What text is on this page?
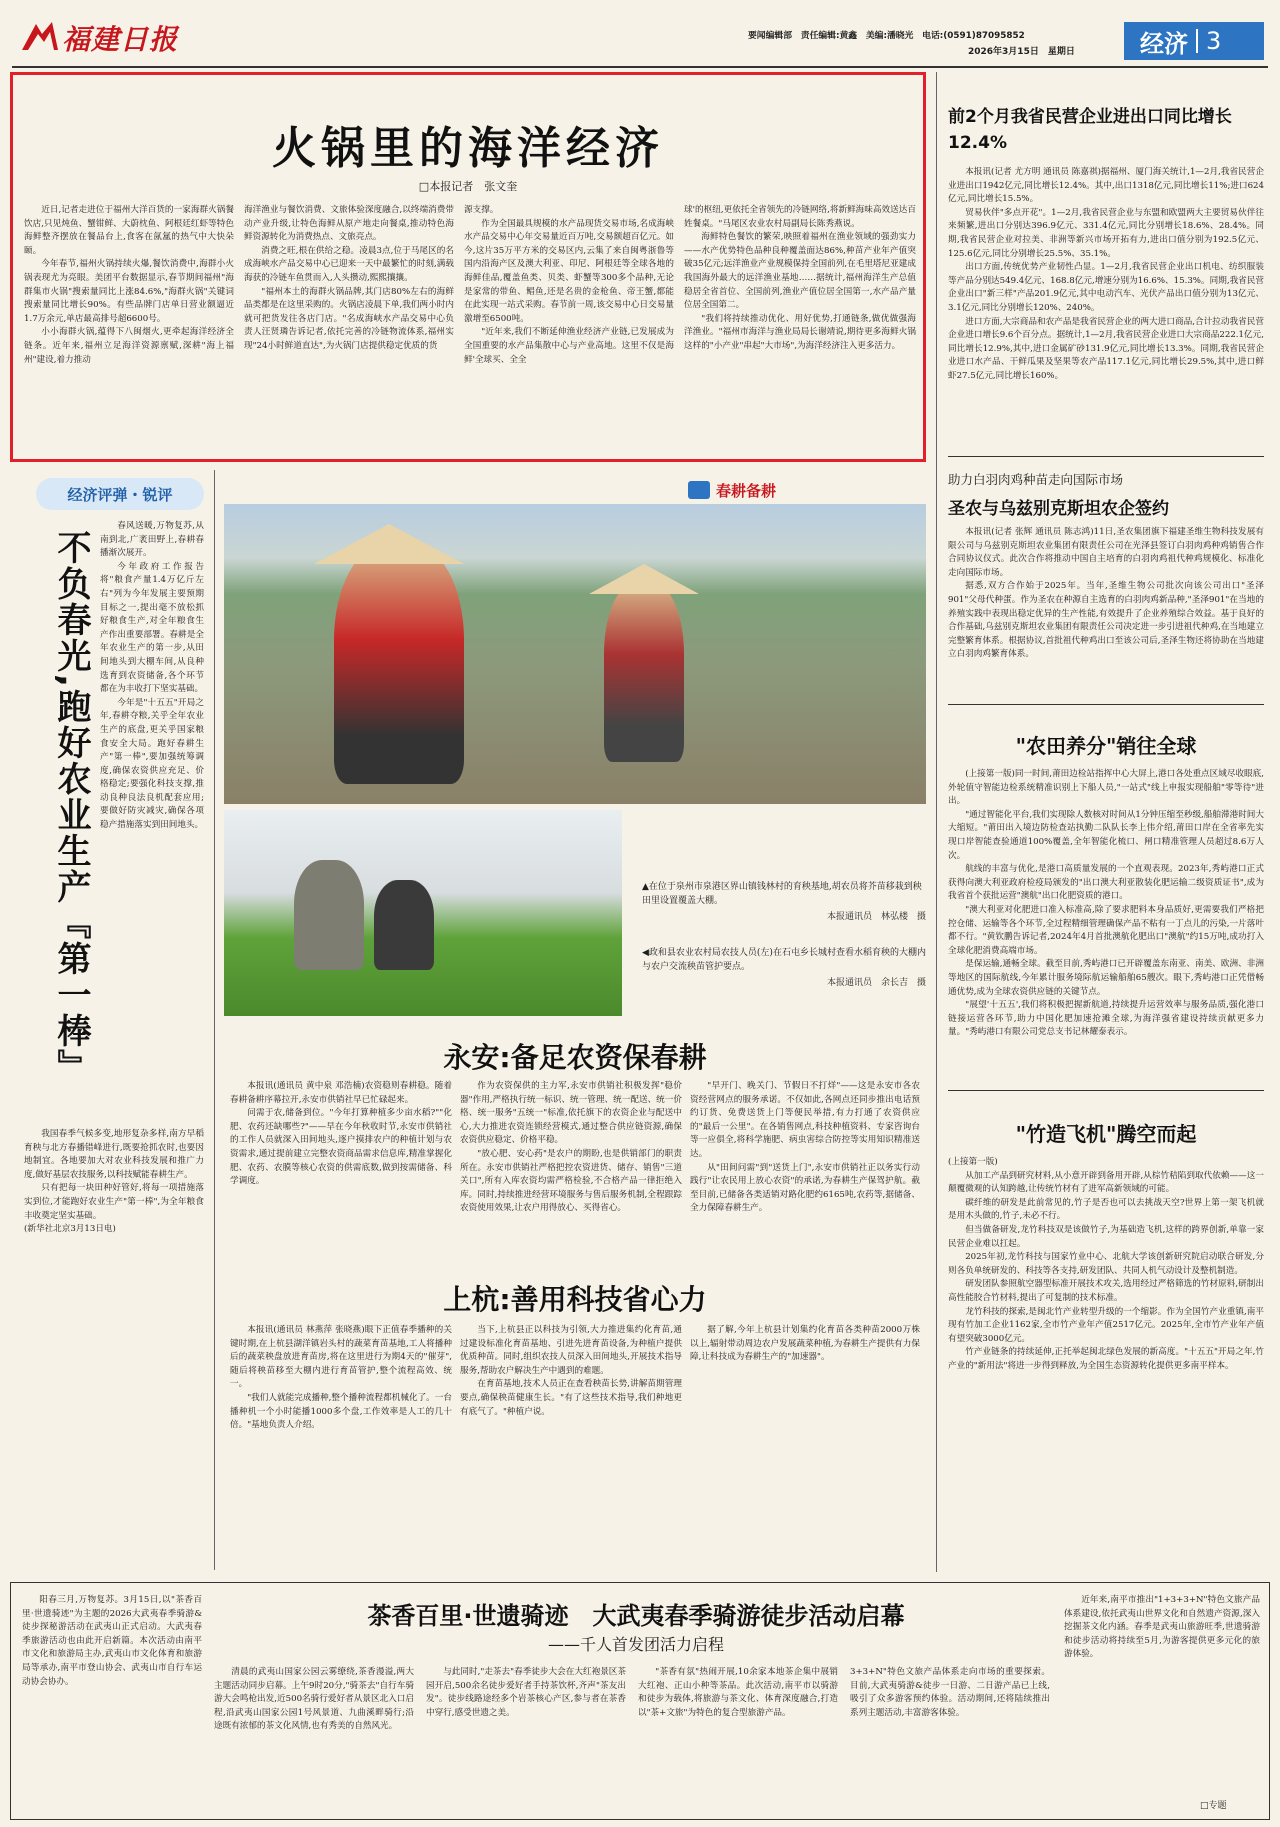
福建日报	要闻编辑部　责任编辑:黄鑫　美编:潘晓光　电话:(0591)87095852
2026年3月15日　星期日	经济 3
火锅里的海洋经济
□本报记者　张文奎

近日,记者走进位于福州大洋百货的一家海群火锅餐饮店,只见炖鱼、蟹钳鲜、大蔚枕鱼、阿根廷红虾等特色海鲜整齐摆放在餐品台上,食客在氤氲的热气中大快朵颐。

今年春节,福州火锅持续火爆,餐饮消费中,海群小火锅表现尤为亮眼。美团平台数据显示,春节期间福州"海群集市火锅"搜索量同比上涨84.6%,"海群火锅"关键词搜索量同比增长90%。有些品牌门店单日营业额逼近1.7万余元,单店最高排号超6600号。

小小海群火锅,蕴得下八闽烟火,更牵起海洋经济全链条。近年来,福州立足海洋资源禀赋,深耕"海上福州"建设,着力推动

海洋渔业与餐饮消费、文旅体验深度融合,以终端消费带动产业升级,让特色海鲜从原产地走向餐桌,推动特色海鲜资源转化为消费热点、文旅亮点。

消费之旺,根在供给之稳。凌晨3点,位于马尾区的名成海峡水产品交易中心已迎来一天中最繁忙的时刻,满载海获的冷链车鱼贯而入,人头攒动,熙熙攘攘。

"福州本土的海群火锅品牌,其门店80%左右的海鲜品类都是在这里采购的。火锅店凌晨下单,我们两小时内就可把货发往各店门店。"名成海峡水产品交易中心负责人汪贤璘告诉记者,依托完善的冷链物流体系,福州实现"24小时鲜道直达",为火锅门店提供稳定优质的货

源支撑。

作为全国最具规模的水产品现货交易市场,名成海峡水产品交易中心年交易量近百万吨,交易额超百亿元。如今,这片35万平方米的交易区内,云集了来自闽粤浙鲁等国内沿海产区及澳大利亚、印尼、阿根廷等全球各地的海鲜佳品,覆盖鱼类、贝类、虾蟹等300多个品种,无论是家常的带鱼、鲳鱼,还是名贵的金枪鱼、帝王蟹,都能在此实现一站式采购。春节前一周,该交易中心日交易量激增至6500吨。

"近年来,我们不断延伸渔业经济产业链,已发展成为全国重要的水产品集散中心与产业高地。这里不仅是海鲜'全球买、全全

球'的枢纽,更依托全省领先的冷链网络,将新鲜海味高效送达百姓餐桌。"马尾区农业农村局副局长陈秀燕说。

海鲜特色餐饮的繁荣,映照着福州在渔业领域的强劲实力——水产优势特色品种良种覆盖面达86%,种苗产业年产值突破35亿元;远洋渔业产业规模保持全国前列,在毛里塔尼亚建成我国海外最大的远洋渔业基地……据统计,福州海洋生产总值稳居全省首位、全国前列,渔业产值位居全国第一,水产品产量位居全国第二。

"我们将持续推动优化、用好优势,打通链条,做优做强海洋渔业。"福州市海洋与渔业局局长谢靖说,期待更多海鲜火锅这样的"小产业"串起"大市场",为海洋经济注入更多活力。

前2个月我省民营企业进出口同比增长12.4%

本报讯(记者 尤方明 通讯员 陈嘉祺)据福州、厦门海关统计,1—2月,我省民营企业进出口1942亿元,同比增长12.4%。其中,出口1318亿元,同比增长11%;进口624亿元,同比增长15.5%。

贸易伙伴"多点开花"。1—2月,我省民营企业与东盟和欧盟两大主要贸易伙伴往来频繁,进出口分别达396.9亿元、331.4亿元,同比分别增长18.6%、28.4%。同期,我省民营企业对拉美、非洲等新兴市场开拓有力,进出口值分别为192.5亿元、125.6亿元,同比分别增长25.5%、35.1%。

出口方面,传统优势产业韧性凸显。1—2月,我省民营企业出口机电、纺织服装等产品分别达549.4亿元、168.8亿元,增速分别为16.6%、15.3%。同期,我省民营企业出口"新三样"产品201.9亿元,其中电动汽车、光伏产品出口值分别为13亿元、3.1亿元,同比分别增长120%、240%。

进口方面,大宗商品和农产品是我省民营企业的两大进口商品,合计拉动我省民营企业进口增长9.6个百分点。据统计,1—2月,我省民营企业进口大宗商品222.1亿元,同比增长12.9%,其中,进口金属矿砂131.9亿元,同比增长13.3%。同期,我省民营企业进口水产品、干鲜瓜果及坚果等农产品117.1亿元,同比增长29.5%,其中,进口鲜虾27.5亿元,同比增长160%。

助力白羽肉鸡种苗走向国际市场
圣农与乌兹别克斯坦农企签约

本报讯(记者 张辉 通讯员 陈志鸿)11日,圣农集团旗下福建圣维生物科技发展有限公司与乌兹别克斯坦农业集团有限责任公司在光泽县签订白羽肉鸡种鸡销售合作合同协议仪式。此次合作将推动中国自主培育的白羽肉鸡祖代种鸡规模化、标准化走向国际市场。

据悉,双方合作始于2025年。当年,圣维生物公司批次向该公司出口"圣泽901"父母代种蛋。作为圣农在种源自主选育的白羽肉鸡新品种,"圣泽901"在当地的养殖实践中表现出稳定优异的生产性能,有效提升了企业养殖综合效益。基于良好的合作基础,乌兹别克斯坦农业集团有限责任公司决定进一步引进祖代种鸡,在当地建立完整繁育体系。根据协议,首批祖代种鸡出口至该公司后,圣泽生物还将协助在当地建立白羽肉鸡繁育体系。

"农田养分"销往全球

(上接第一版)同一时间,莆田边检站指挥中心大屏上,港口各处重点区域尽收眼底,外轮值守智能边检系统精准识别上下船人员,"一站式"线上申报实现船舶"零等待"进出。

"通过智能化平台,我们实现除人数核对时间从1分钟压缩至秒级,船舶滞港时间大大缩短。"莆田出入境边防检查站执勤二队队长李上伟介绍,莆田口岸在全省率先实现口岸智能查验通道100%覆盖,全年智能化梳口、闸口精准管理人员超过8.6万人次。

航线的丰富与优化,是港口高质量发展的一个直观表现。2023年,秀屿港口正式获得向澳大利亚政府检疫局颁发的"出口澳大利亚散装化肥运输二级资质证书",成为我省首个获批运营"澳航"出口化肥资质的港口。

"澳大利亚对化肥进口准入标准高,除了要求肥料本身品质好,更需要我们严格把控仓储、运输等各个环节,全过程精细管理确保产品不粘有一丁点儿的污染,一片落叶都不行。"黄钦鹏告诉记者,2024年4月首批澳航化肥出口"澳航"约15万吨,成功打入全球化肥消费高端市场。

是保运输,通畅全球。截至目前,秀屿港口已开辟覆盖东南亚、南美、欧洲、非洲等地区的国际航线,今年累计服务境际航运输船舶65艘次。眼下,秀屿港口正凭借畅通优势,成为全球农资供应链的关键节点。

"展望'十五五',我们将积极把握新航道,持续提升运营效率与服务品质,强化港口链接运营各环节,助力中国化肥加速抢滩全球,为海洋强省建设持续贡献更多力量。"秀屿港口有限公司党总支书记林耀泰表示。

"竹造飞机"腾空而起

(上接第一版)

从加工产品到研究材料,从小意开辟到备用开辟,从棕竹秸陷到取代依赖——这一颠覆微观的认知跨越,让传统竹材有了进军高新领域的可能。

碳纤维的研发是此前常见的,竹子是否也可以去挑战天空?世界上第一架飞机就是用木头做的,竹子,未必不行。

但当做备研发,龙竹科技双是该做竹子,为基础造飞机,这样的跨界创新,单靠一家民营企业难以扛起。

2025年初,龙竹科技与国家竹业中心、北航大学该创新研究院启动联合研发,分则各负单统研发的、科技等各支持,研发团队、共同人机气动设计及整机制造。

研发团队参照航空器型标准开展技术攻关,选用经过严格筛选的竹材原料,研制出高性能胶合竹材料,提出了可复制的技术标准。

龙竹科技的探索,是闽北竹产业转型升级的一个缩影。作为全国竹产业重镇,南平现有竹加工企业1162家,全市竹产业年产值2517亿元。2025年,全市竹产业年产值有望突破3000亿元。

竹产业链条的持续延伸,正托举起闽北绿色发展的新高度。"十五五"开局之年,竹产业的"新用法"将进一步得到释放,为全国生态资源转化提供更多南平样本。

经济评弹・锐评
不负春光,跑好农业生产『第一棒』

春风送暖,万物复苏,从南到北,广袤田野上,春耕春播渐次展开。

今年政府工作报告将"粮食产量1.4万亿斤左右"列为今年发展主要预期目标之一,提出毫不放松抓好粮食生产,对全年粮食生产作出重要部署。春耕是全年农业生产的第一步,从田间地头到大棚车间,从良种选育到农资储备,各个环节都在为丰收打下坚实基础。

今年是"十五五"开局之年,春耕夺粮,关乎全年农业生产的底盘,更关乎国家粮食安全大局。跑好春耕生产"第一棒",要加强统筹调度,确保农资供应充足、价格稳定;要强化科技支撑,推动良种良法良机配套应用;要做好防灾减灾,确保各项稳产措施落实到田间地头。

我国春季气候多变,地形复杂多样,南方早稻育秧与北方春播错峰进行,既要抢抓农时,也要因地制宜。各地要加大对农业科技发展和推广力度,做好基层农技服务,以科技赋能春耕生产。

只有把每一块田种好管好,将每一项措施落实到位,才能跑好农业生产"第一棒",为全年粮食丰收奠定坚实基础。

(新华社北京3月13日电)

春耕备耕
▲在位于泉州市泉港区界山镇钱林村的育秧基地,胡农员将芥苗移栽到秧田里设置覆盖大棚。
本报通讯员　林弘楼　摄
◀政和县农业农村局农技人员(左)在石屯乡长城村查看水稻育秧的大棚内与农户交流秧苗管护要点。
本报通讯员　余长吉　摄
永安:备足农资保春耕

本报讯(通讯员 黄中泉 邓浩楠)农资稳则春耕稳。随着春耕备耕序幕拉开,永安市供销社早已忙碌起来。

问需于农,储备到位。"今年打算种植多少亩水稻?""化肥、农药还缺哪些?"——早在今年秋收时节,永安市供销社的工作人员就深入田间地头,逐户摸排农户的种植计划与农资需求,通过提前建立完整农资商品需求信息库,精准掌握化肥、农药、农膜等核心农资的供需底数,做到按需储备、科学调度。

作为农资保供的主力军,永安市供销社积极发挥"稳价器"作用,严格执行统一标识、统一管理、统一配送、统一价格、统一服务"五统一"标准,依托旗下的农资企业与配送中心,大力推进农资连锁经营模式,通过整合供应链资源,确保农资供应稳定、价格平稳。

"放心肥、安心药"是农户的期盼,也是供销部门的职责所在。永安市供销社严格把控农资进货、储存、销售"三道关口",所有入库农资均需严格检验,不合格产品一律拒绝入库。同时,持续推进经营环境服务与售后服务机制,全程跟踪农资使用效果,让农户用得放心、买得省心。

"早开门、晚关门、节假日不打烊"——这是永安市各农资经营网点的服务承诺。不仅如此,各网点还同步推出电话预约订货、免费送货上门等便民举措,有力打通了农资供应的"最后一公里"。在各销售网点,科技种植资料、专家咨询台等一应俱全,将科学施肥、病虫害综合防控等实用知识精准送达。

从"田间问需"到"送货上门",永安市供销社正以务实行动践行"让农民用上放心农资"的承诺,为春耕生产保驾护航。截至目前,已储备各类适销对路化肥约6165吨,农药等,据储备、全力保障春耕生产。

上杭:善用科技省心力

本报讯(通讯员 林燕萍 张晓燕)眼下正值春季播种的关键时期,在上杭县湖洋镇岩头村的蔬菜育苗基地,工人将播种后的蔬菜秧盘放进育苗房,将在这里进行为期4天的"催芽",随后将秧苗移至大棚内进行育苗管护,整个流程高效、统一。

"我们人就能完成播种,整个播种流程都机械化了。一台播种机一个小时能播1000多个盘,工作效率是人工的几十倍。"基地负责人介绍。

当下,上杭县正以科技为引领,大力推进集约化育苗,通过建设标准化育苗基地、引进先进育苗设备,为种植户提供优质种苗。同时,组织农技人员深入田间地头,开展技术指导服务,帮助农户解决生产中遇到的难题。

在育苗基地,技术人员正在查看秧苗长势,讲解苗期管理要点,确保秧苗健康生长。"有了这些技术指导,我们种地更有底气了。"种植户说。

据了解,今年上杭县计划集约化育苗各类种苗2000万株以上,辐射带动周边农户发展蔬菜种植,为春耕生产提供有力保障,让科技成为春耕生产的"加速器"。

茶香百里·世遗骑迹　大武夷春季骑游徒步活动启幕
——千人首发团活力启程

阳春三月,万物复苏。3月15日,以"茶香百里·世遗骑迹"为主题的2026大武夷春季骑游&徒步探秘游活动在武夷山正式启动。大武夷春季旅游活动也由此开启新篇。本次活动由南平市文化和旅游局主办,武夷山市文化体育和旅游局等承办,南平市登山协会、武夷山市自行车运动协会协办。

清晨的武夷山国家公园云雾缭绕,茶香漫溢,两大主题活动同步启幕。上午9时20分,"骑茶去"自行车骑游大会鸣枪出发,近500名骑行爱好者从景区北入口启程,沿武夷山国家公园1号风景道、九曲溪畔骑行;沿途既有浓郁的茶文化风情,也有秀美的自然风光。

与此同时,"走茶去"春季徒步大会在大红袍景区茶园开启,500余名徒步爱好者手持茶饮杯,齐声"茶友出发"。徒步线路途经多个岩茶核心产区,参与者在茶香中穿行,感受世遗之美。

"茶香有氛"热闹开展,10余家本地茶企集中展销大红袍、正山小种等茶品。此次活动,南平市以骑游和徒步为载体,将旅游与茶文化、体育深度融合,打造以"茶+文旅"为特色的复合型旅游产品。

3+3+N"特色文旅产品体系走向市场的重要探索。目前,大武夷骑游&徒步一日游、二日游产品已上线,吸引了众多游客预约体验。活动期间,还将陆续推出系列主题活动,丰富游客体验。

近年来,南平市推出"1+3+3+N"特色文旅产品体系建设,依托武夷山世界文化和自然遗产资源,深入挖掘茶文化内涵。春季是武夷山旅游旺季,世遗骑游和徒步活动将持续至5月,为游客提供更多元化的旅游体验。

□专题
